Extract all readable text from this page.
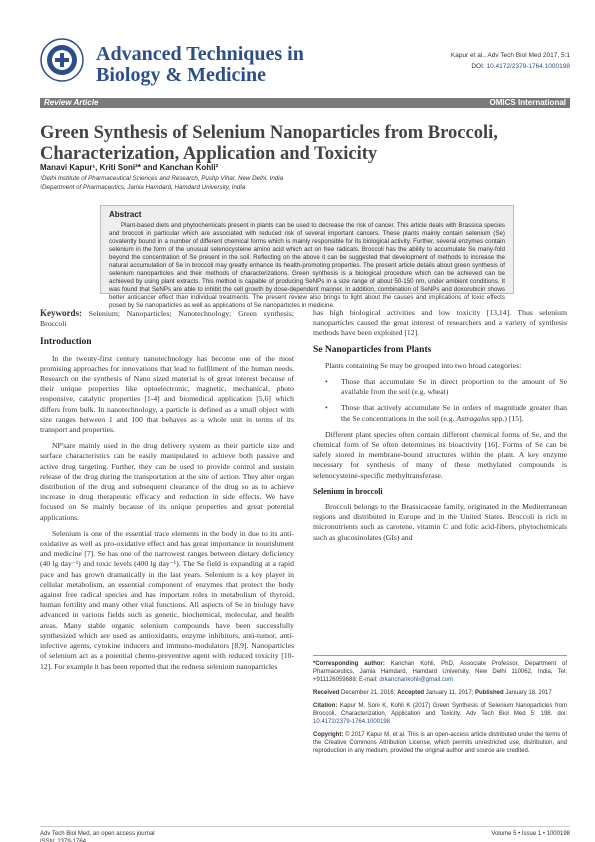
Advanced Techniques in Biology & Medicine
Kapur et al., Adv Tech Biol Med 2017, 5:1
DOI: 10.4172/2379-1764.1000198
Review Article	OMICS International
Green Synthesis of Selenium Nanoparticles from Broccoli, Characterization, Application and Toxicity
Manavi Kapur¹, Kriti Soni²* and Kanchan Kohli²
¹Delhi Institute of Pharmaceutical Sciences and Research, Pushp Vihar, New Delhi, India
²Department of Pharmaceutics, Jamia Hamdard, Hamdard University, India
Abstract

Plant-based diets and phytochemicals present in plants can be used to decrease the risk of cancer. This article deals with Brassica species and broccoli in particular which are associated with reduced risk of several important cancers. These plants mainly contain selenium (Se) covalently bound in a number of different chemical forms which is mainly responsible for its biological activity. Further, several enzymes contain selenium in the form of the unusual selenocysteine amino acid which act on free radicals. Broccoli has the ability to accumulate Se many-fold beyond the concentration of Se present in the soil. Reflecting on the above it can be suggested that development of methods to increase the natural accumulation of Se in broccoli may greatly enhance its health-promoting properties. The present article details about green synthesis of selenium nanoparticles and their methods of characterizations. Green synthesis is a biological procedure which can be achieved can be achieved by using plant extracts. This method is capable of producing SeNPs in a size range of about 50-150 nm, under ambient conditions. It was found that SeNPs are able to inhibit the cell growth by dose-dependent manner. In addition, combination of SeNPs and doxorubicin shows better anticancer effect than individual treatments. The present review also brings to light about the causes and implications of toxic effects posed by Se nanoparticles as well as applications of Se nanoparticles in medicine.

Keywords: Selenium; Nanoparticles; Nanotechnology; Green synthesis; Broccoli

Introduction

In the twenty-first century nanotechnology has become one of the most promising approaches for innovations that lead to fulfilment of the human needs. Research on the synthesis of Nano sized material is of great interest because of their unique properties like optoelectronic, magnetic, mechanical, photo responsive, catalytic properties [1-4] and biomedical application [5,6] which differs from bulk. In nanotechnology, a particle is defined as a small object with size ranges between 1 and 100 that behaves as a whole unit in terms of its transport and properties.

NP'sare mainly used in the drug delivery system as their particle size and surface characteristics can be easily manipulated to achieve both passive and active drug targeting. Further, they can be used to provide control and sustain release of the drug during the transportation at the site of action. They alter organ distribution of the drug and subsequent clearance of the drug so as to achieve increase in drug therapeutic efficacy and reduction in side effects. We have focused on Se mainly because of its unique properties and great potential applications.

Selenium is one of the essential trace elements in the body in due to its anti-oxidative as well as pro-oxidative effect and has great importance in nourishment and medicine [7]. Se has one of the narrowest ranges between dietary deficiency (40 lg day⁻¹) and toxic levels (400 lg day⁻¹). The Se field is expanding at a rapid pace and has grown dramatically in the last years. Selenium is a key player in cellular metabolism, an essential component of enzymes that protect the body against free radical species and has important roles in metabolism of thyroid, human fertility and many other vital functions. All aspects of Se in biology have advanced in various fields such as genetic, biochemical, molecular, and health areas. Many stable organic selenium compounds have been successfully synthesized which are used as antioxidants, enzyme inhibitors, anti-tumor, anti-infective agents, cytokine inducers and immuno-modulators [8,9]. Nanoparticles of selenium act as a potential chemo-preventive agent with reduced toxicity [10-12]. For example it has been reported that the redness selenium nanoparticles

has high biological activities and low toxicity [13,14]. Thus selenium nanoparticles caused the great interest of researchers and a variety of synthesis methods have been exploited [12].

Se Nanoparticles from Plants

Plants containing Se may be grouped into two broad categories:

• Those that accumulate Se in direct proportion to the amount of Se available from the soil (e.g. wheat)
• Those that actively accumulate Se in orders of magnitude greater than the Se concentrations in the soil (e.g. Astragalus spp.) [15].

Different plant species often contain different chemical forms of Se, and the chemical form of Se often determines its bioactivity [16]. Forms of Se can be safely stored in membrane-bound structures within the plant. A key enzyme necessary for synthesis of many of these methylated compounds is selenocysteine-specific methyltransferase.

Selenium in broccoli

Broccoli belongs to the Brassicaceae family, originated in the Mediterranean regions and distributed in Europe and in the United States. Broccoli is rich in micronutrients such as carotene, vitamin C and folic acid-fibers, phytochemicals such as glucosinolates (GIs) and

*Corresponding author: Kanchan Kohli, PhD, Associate Professor, Department of Pharmaceutics, Jamia Hamdard, Hamdard University, New Delhi 110062, India, Tel: +911126059688; E-mail: drkanchankohli@gmail.com

Received December 21, 2016; Accepted January 11, 2017; Published January 18, 2017

Citation: Kapur M, Soni K, Kohli K (2017) Green Synthesis of Selenium Nanoparticles from Broccoli, Characterization, Application and Toxicity. Adv Tech Biol Med 5: 198. doi: 10.4172/2379-1764.1000198

Copyright: © 2017 Kapur M, et al. This is an open-access article distributed under the terms of the Creative Commons Attribution License, which permits unrestricted use, distribution, and reproduction in any medium, provided the original author and source are credited.

Adv Tech Biol Med, an open access journal
ISSN: 2379-1764
Volume 5 • Issue 1 • 1000198
